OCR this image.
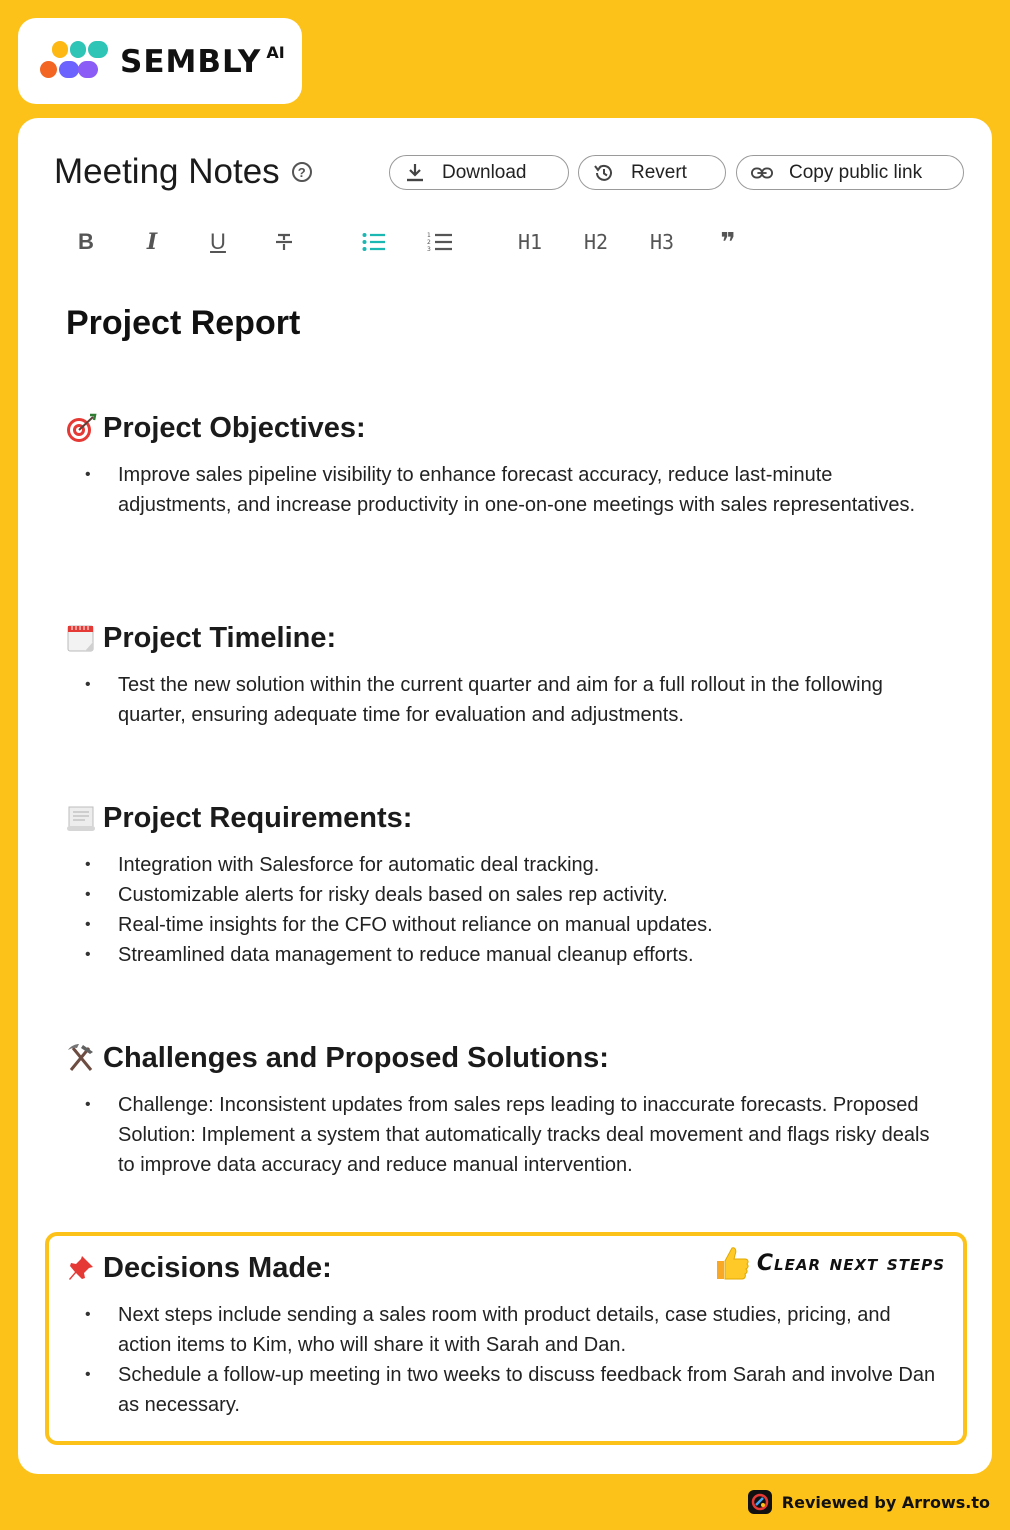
SEMBLY $^{AI}$
Meeting Notes	?	Download	Revert	Copy public link
B	I	U	1
2
3	H1	H2	H3	❞
Project Report
Project Objectives:
• Improve sales pipeline visibility to enhance forecast accuracy, reduce last-minute adjustments, and increase productivity in one-on-one meetings with sales representatives.
Project Timeline:
• Test the new solution within the current quarter and aim for a full rollout in the following quarter, ensuring adequate time for evaluation and adjustments.
Project Requirements:
• Integration with Salesforce for automatic deal tracking.
• Customizable alerts for risky deals based on sales rep activity.
• Real-time insights for the CFO without reliance on manual updates.
• Streamlined data management to reduce manual cleanup efforts.
Challenges and Proposed Solutions:
• Challenge: Inconsistent updates from sales reps leading to inaccurate forecasts. Proposed Solution: Implement a system that automatically tracks deal movement and flags risky deals to improve data accuracy and reduce manual intervention.
Clear next steps
Decisions Made:
• Next steps include sending a sales room with product details, case studies, pricing, and action items to Kim, who will share it with Sarah and Dan.
• Schedule a follow-up meeting in two weeks to discuss feedback from Sarah and involve Dan as necessary.
Reviewed by Arrows.to
